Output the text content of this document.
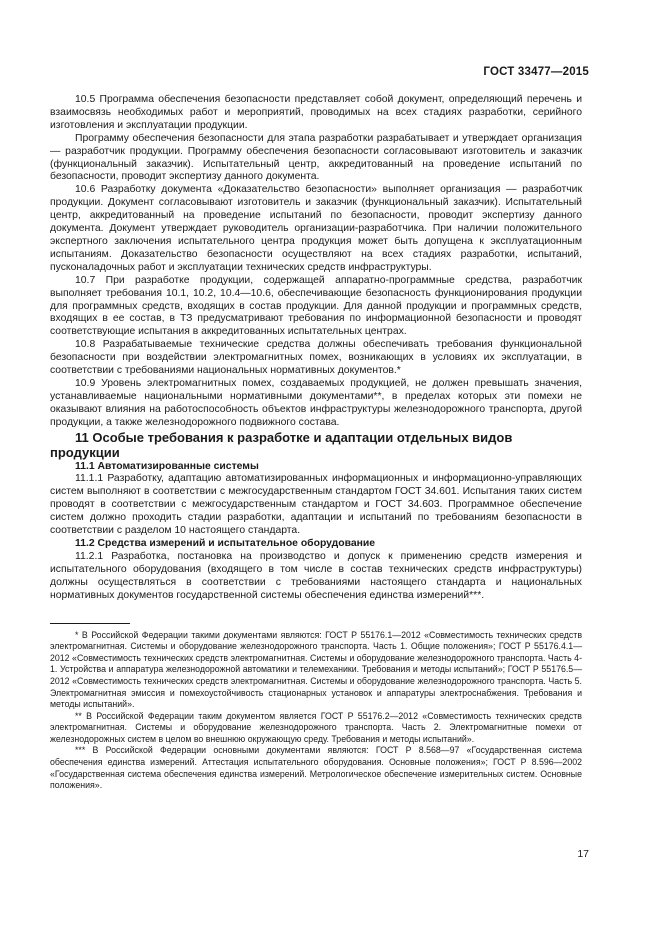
ГОСТ 33477—2015

10.5 Программа обеспечения безопасности представляет собой документ, определяющий перечень и взаимосвязь необходимых работ и мероприятий, проводимых на всех стадиях разработки, серийного изготовления и эксплуатации продукции.

Программу обеспечения безопасности для этапа разработки разрабатывает и утверждает организация — разработчик продукции. Программу обеспечения безопасности согласовывают изготовитель и заказчик (функциональный заказчик). Испытательный центр, аккредитованный на проведение испытаний по безопасности, проводит экспертизу данного документа.

10.6 Разработку документа «Доказательство безопасности» выполняет организация — разработчик продукции. Документ согласовывают изготовитель и заказчик (функциональный заказчик). Испытательный центр, аккредитованный на проведение испытаний по безопасности, проводит экспертизу данного документа. Документ утверждает руководитель организации-разработчика. При наличии положительного экспертного заключения испытательного центра продукция может быть допущена к эксплуатационным испытаниям. Доказательство безопасности осуществляют на всех стадиях разработки, испытаний, пусконаладочных работ и эксплуатации технических средств инфраструктуры.

10.7 При разработке продукции, содержащей аппаратно-программные средства, разработчик выполняет требования 10.1, 10.2, 10.4—10.6, обеспечивающие безопасность функционирования продукции для программных средств, входящих в состав продукции. Для данной продукции и программных средств, входящих в ее состав, в ТЗ предусматривают требования по информационной безопасности и проводят соответствующие испытания в аккредитованных испытательных центрах.

10.8 Разрабатываемые технические средства должны обеспечивать требования функциональной безопасности при воздействии электромагнитных помех, возникающих в условиях их эксплуатации, в соответствии с требованиями национальных нормативных документов.*

10.9 Уровень электромагнитных помех, создаваемых продукцией, не должен превышать значения, устанавливаемые национальными нормативными документами**, в пределах которых эти помехи не оказывают влияния на работоспособность объектов инфраструктуры железнодорожного транспорта, другой продукции, а также железнодорожного подвижного состава.

11 Особые требования к разработке и адаптации отдельных видов продукции

11.1 Автоматизированные системы

11.1.1 Разработку, адаптацию автоматизированных информационных и информационно-управляющих систем выполняют в соответствии с межгосударственным стандартом ГОСТ 34.601. Испытания таких систем проводят в соответствии с межгосударственным стандартом и ГОСТ 34.603. Программное обеспечение систем должно проходить стадии разработки, адаптации и испытаний по требованиям безопасности в соответствии с разделом 10 настоящего стандарта.

11.2 Средства измерений и испытательное оборудование

11.2.1 Разработка, постановка на производство и допуск к применению средств измерения и испытательного оборудования (входящего в том числе в состав технических средств инфраструктуры) должны осуществляться в соответствии с требованиями настоящего стандарта и национальных нормативных документов государственной системы обеспечения единства измерений***.

* В Российской Федерации такими документами являются: ГОСТ Р 55176.1—2012 «Совместимость технических средств электромагнитная. Системы и оборудование железнодорожного транспорта. Часть 1. Общие положения»; ГОСТ Р 55176.4.1—2012 «Совместимость технических средств электромагнитная. Системы и оборудование железнодорожного транспорта. Часть 4-1. Устройства и аппаратура железнодорожной автоматики и телемеханики. Требования и методы испытаний»; ГОСТ Р 55176.5—2012 «Совместимость технических средств электромагнитная. Системы и оборудование железнодорожного транспорта. Часть 5. Электромагнитная эмиссия и помехоустойчивость стационарных установок и аппаратуры электроснабжения. Требования и методы испытаний».

** В Российской Федерации таким документом является ГОСТ Р 55176.2—2012 «Совместимость технических средств электромагнитная. Системы и оборудование железнодорожного транспорта. Часть 2. Электромагнитные помехи от железнодорожных систем в целом во внешнюю окружающую среду. Требования и методы испытаний».

*** В Российской Федерации основными документами являются: ГОСТ Р 8.568—97 «Государственная система обеспечения единства измерений. Аттестация испытательного оборудования. Основные положения»; ГОСТ Р 8.596—2002 «Государственная система обеспечения единства измерений. Метрологическое обеспечение измерительных систем. Основные положения».

17
